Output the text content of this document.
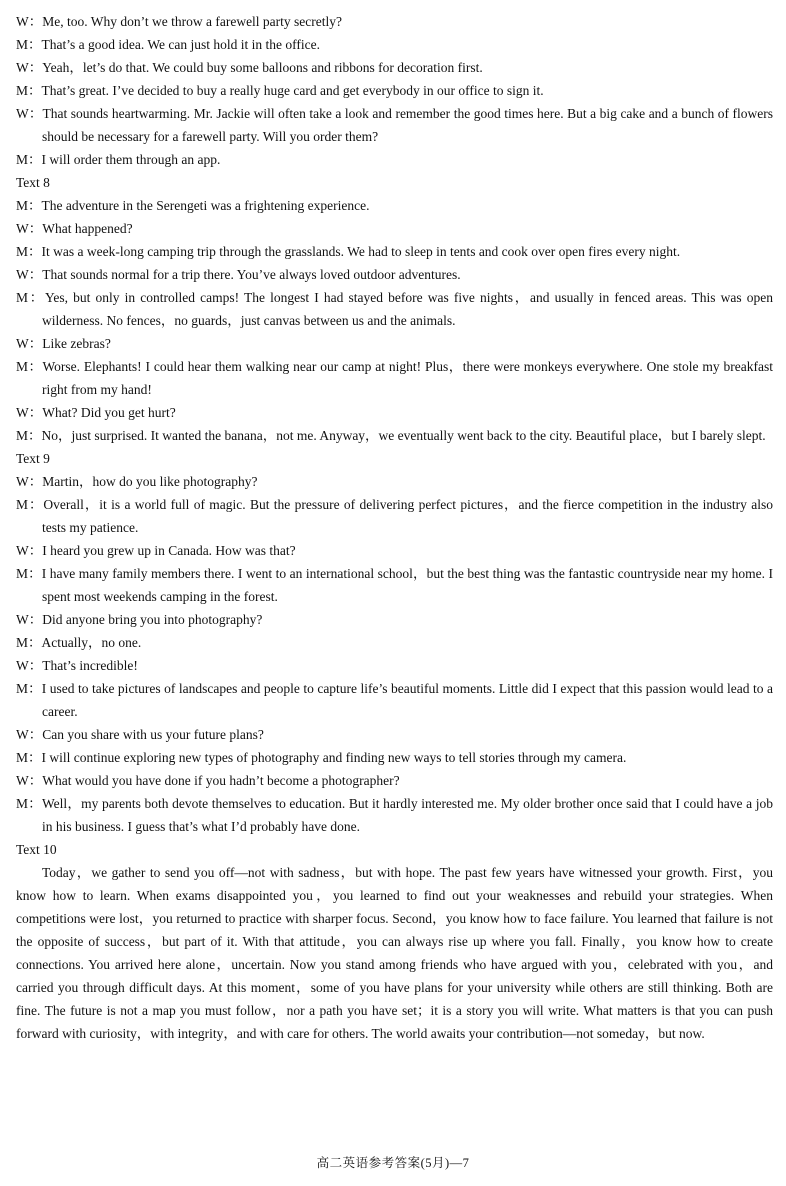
W：Me, too. Why don’t we throw a farewell party secretly?

M：That’s a good idea. We can just hold it in the office.

W：Yeah，let’s do that. We could buy some balloons and ribbons for decoration first.

M：That’s great. I’ve decided to buy a really huge card and get everybody in our office to sign it.

W：That sounds heartwarming. Mr. Jackie will often take a look and remember the good times here. But a big cake and a bunch of flowers should be necessary for a farewell party. Will you order them?

M：I will order them through an app.

Text 8

M：The adventure in the Serengeti was a frightening experience.

W：What happened?

M：It was a week-long camping trip through the grasslands. We had to sleep in tents and cook over open fires every night.

W：That sounds normal for a trip there. You’ve always loved outdoor adventures.

M：Yes, but only in controlled camps! The longest I had stayed before was five nights，and usually in fenced areas. This was open wilderness. No fences，no guards，just canvas between us and the animals.

W：Like zebras?

M：Worse. Elephants! I could hear them walking near our camp at night! Plus，there were monkeys everywhere. One stole my breakfast right from my hand!

W：What? Did you get hurt?

M：No，just surprised. It wanted the banana，not me. Anyway，we eventually went back to the city. Beautiful place，but I barely slept.

Text 9

W：Martin，how do you like photography?

M：Overall，it is a world full of magic. But the pressure of delivering perfect pictures，and the fierce competition in the industry also tests my patience.

W：I heard you grew up in Canada. How was that?

M：I have many family members there. I went to an international school，but the best thing was the fantastic countryside near my home. I spent most weekends camping in the forest.

W：Did anyone bring you into photography?

M：Actually，no one.

W：That’s incredible!

M：I used to take pictures of landscapes and people to capture life’s beautiful moments. Little did I expect that this passion would lead to a career.

W：Can you share with us your future plans?

M：I will continue exploring new types of photography and finding new ways to tell stories through my camera.

W：What would you have done if you hadn’t become a photographer?

M：Well，my parents both devote themselves to education. But it hardly interested me. My older brother once said that I could have a job in his business. I guess that’s what I’d probably have done.

Text 10

Today，we gather to send you off—not with sadness，but with hope. The past few years have witnessed your growth. First，you know how to learn. When exams disappointed you，you learned to find out your weaknesses and rebuild your strategies. When competitions were lost，you returned to practice with sharper focus. Second，you know how to face failure. You learned that failure is not the opposite of success，but part of it. With that attitude，you can always rise up where you fall. Finally，you know how to create connections. You arrived here alone，uncertain. Now you stand among friends who have argued with you，celebrated with you，and carried you through difficult days. At this moment，some of you have plans for your university while others are still thinking. Both are fine. The future is not a map you must follow，nor a path you have set；it is a story you will write. What matters is that you can push forward with curiosity，with integrity，and with care for others. The world awaits your contribution—not someday，but now.

高二英语参考答案(5月)—7
